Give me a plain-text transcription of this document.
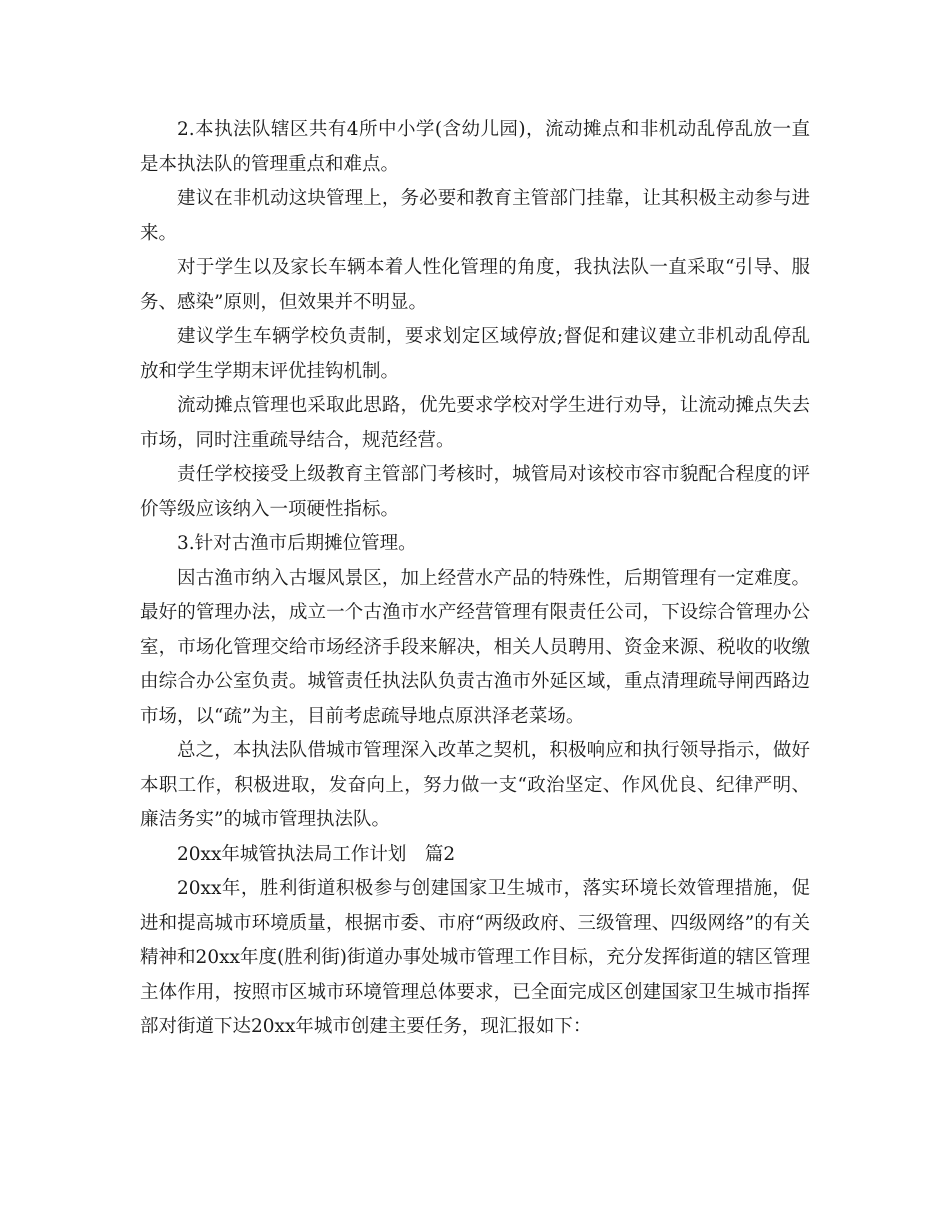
2.本执法队辖区共有4所中小学(含幼儿园)，流动摊点和非机动乱停乱放一直是本执法队的管理重点和难点。

建议在非机动这块管理上，务必要和教育主管部门挂靠，让其积极主动参与进来。

对于学生以及家长车辆本着人性化管理的角度，我执法队一直采取“引导、服务、感染”原则，但效果并不明显。

建议学生车辆学校负责制，要求划定区域停放;督促和建议建立非机动乱停乱放和学生学期末评优挂钩机制。

流动摊点管理也采取此思路，优先要求学校对学生进行劝导，让流动摊点失去市场，同时注重疏导结合，规范经营。

责任学校接受上级教育主管部门考核时，城管局对该校市容市貌配合程度的评价等级应该纳入一项硬性指标。

3.针对古渔市后期摊位管理。

因古渔市纳入古堰风景区，加上经营水产品的特殊性，后期管理有一定难度。最好的管理办法，成立一个古渔市水产经营管理有限责任公司，下设综合管理办公室，市场化管理交给市场经济手段来解决，相关人员聘用、资金来源、税收的收缴由综合办公室负责。城管责任执法队负责古渔市外延区域，重点清理疏导闸西路边市场，以“疏”为主，目前考虑疏导地点原洪泽老菜场。

总之，本执法队借城市管理深入改革之契机，积极响应和执行领导指示，做好本职工作，积极进取，发奋向上，努力做一支“政治坚定、作风优良、纪律严明、廉洁务实”的城市管理执法队。

20xx年城管执法局工作计划　篇2

20xx年，胜利街道积极参与创建国家卫生城市，落实环境长效管理措施，促进和提高城市环境质量，根据市委、市府“两级政府、三级管理、四级网络”的有关精神和20xx年度(胜利街)街道办事处城市管理工作目标，充分发挥街道的辖区管理主体作用，按照市区城市环境管理总体要求，已全面完成区创建国家卫生城市指挥部对街道下达20xx年城市创建主要任务，现汇报如下：
